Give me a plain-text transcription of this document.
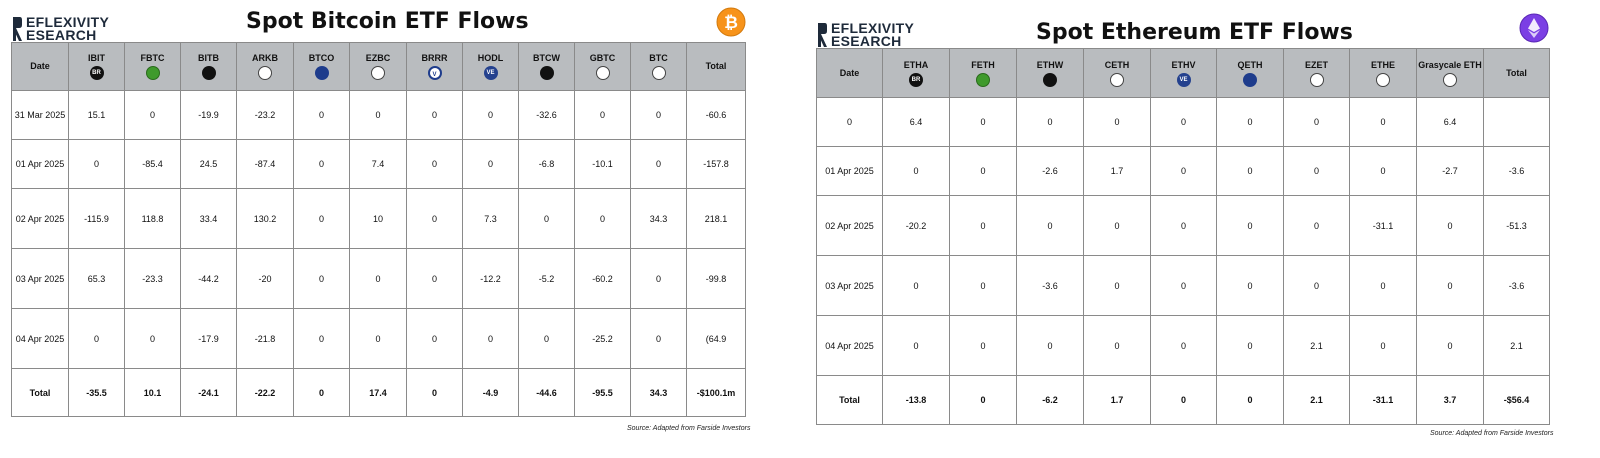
EFLEXIVITY
ESEARCH
Spot Bitcoin ETF Flows	₿
Date	IBIT
BR	FBTC	BITB	ARKB	BTCO	EZBC	BRRR
V	HODL
VE	BTCW	GBTC	BTC	Total

31 Mar 2025	15.1	0	-19.9	-23.2	0	0	0	0	-32.6	0	0	-60.6
01 Apr 2025	0	-85.4	24.5	-87.4	0	7.4	0	0	-6.8	-10.1	0	-157.8
02 Apr 2025	-115.9	118.8	33.4	130.2	0	10	0	7.3	0	0	34.3	218.1
03 Apr 2025	65.3	-23.3	-44.2	-20	0	0	0	-12.2	-5.2	-60.2	0	-99.8
04 Apr 2025	0	0	-17.9	-21.8	0	0	0	0	0	-25.2	0	(64.9
Total	-35.5	10.1	-24.1	-22.2	0	17.4	0	-4.9	-44.6	-95.5	34.3	-$100.1m
Source: Adapted from Farside Investors
EFLEXIVITY
ESEARCH	Spot Ethereum ETF Flows
Date	ETHA
BR	FETH	ETHW	CETH	ETHV
VE	QETH	EZET	ETHE	Grasycale ETH	Total

0	6.4	0	0	0	0	0	0	0	6.4	
01 Apr 2025	0	0	-2.6	1.7	0	0	0	0	-2.7	-3.6
02 Apr 2025	-20.2	0	0	0	0	0	0	-31.1	0	-51.3
03 Apr 2025	0	0	-3.6	0	0	0	0	0	0	-3.6
04 Apr 2025	0	0	0	0	0	0	2.1	0	0	2.1
Total	-13.8	0	-6.2	1.7	0	0	2.1	-31.1	3.7	-$56.4
Source: Adapted from Farside Investors
